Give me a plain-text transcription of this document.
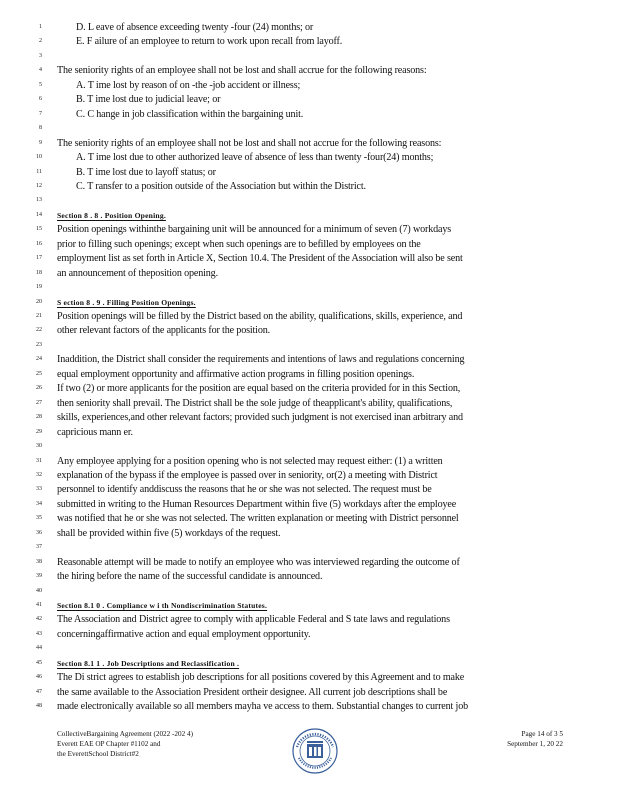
1	D. L eave of absence exceeding twenty -four (24) months; or
2	E. F ailure of an employee to return to work upon recall from layoff.
3
4 The seniority rights of an employee shall not be lost and shall accrue for the following reasons:
5	A. T ime lost by reason of on -the -job accident or illness;
6	B. T ime lost due to judicial leave; or
7	C. C hange in job classification within the bargaining unit.
8
9 The seniority rights of an employee shall not be lost and shall not accrue for the following reasons:
10	A. T ime lost due to other authorized leave of absence of less than twenty -four(24) months;
11	B. T ime lost due to layoff status; or
12	C. T ransfer to a position outside of the Association but within the District.
13
14 Section 8 . 8 . Position Opening.
15 Position openings withinthe bargaining unit will be announced for a minimum of seven (7) workdays
16 prior to filling such openings; except when such openings are to befilled by employees on the
17 employment list as set forth in Article X, Section 10.4. The President of the Association will also be sent
18 an announcement of theposition opening.
19
20 S ection 8 . 9 . Filling Position Openings.
21 Position openings will be filled by the District based on the ability, qualifications, skills, experience, and
22 other relevant factors of the applicants for the position.
23
24 Inaddition, the District shall consider the requirements and intentions of laws and regulations concerning
25 equal employment opportunity and affirmative action programs in filling position openings.
26 If two (2) or more applicants for the position are equal based on the criteria provided for in this Section,
27 then seniority shall prevail. The District shall be the sole judge of theapplicant's ability, qualifications,
28 skills, experiences,and other relevant factors; provided such judgment is not exercised inan arbitrary and
29 capricious mann er.
30
31 Any employee applying for a position opening who is not selected may request either: (1) a written
32 explanation of the bypass if the employee is passed over in seniority, or(2) a meeting with District
33 personnel to identify anddiscuss the reasons that he or she was not selected. The request must be
34 submitted in writing to the Human Resources Department within five (5) workdays after the employee
35 was notified that he or she was not selected. The written explanation or meeting with District personnel
36 shall be provided within five (5) workdays of the request.
37
38 Reasonable attempt will be made to notify an employee who was interviewed regarding the outcome of
39 the hiring before the name of the successful candidate is announced.
40
41 Section 8.1 0 . Compliance w i th Nondiscrimination Statutes.
42 The Association and District agree to comply with applicable Federal and S tate laws and regulations
43 concerningaffirmative action and equal employment opportunity.
44
45 Section 8.1 1 . Job Descriptions and Reclassification .
46 The Di strict agrees to establish job descriptions for all positions covered by this Agreement and to make
47 the same available to the Association President ortheir designee. All current job descriptions shall be
48 made electronically available so all members mayha ve access to them. Substantial changes to current job
CollectiveBargaining Agreement (2022 -202 4)
Everett EAE OP Chapter #1102 and
the EverettSchool District#2
Page 14 of 3 5
September 1, 20 22
